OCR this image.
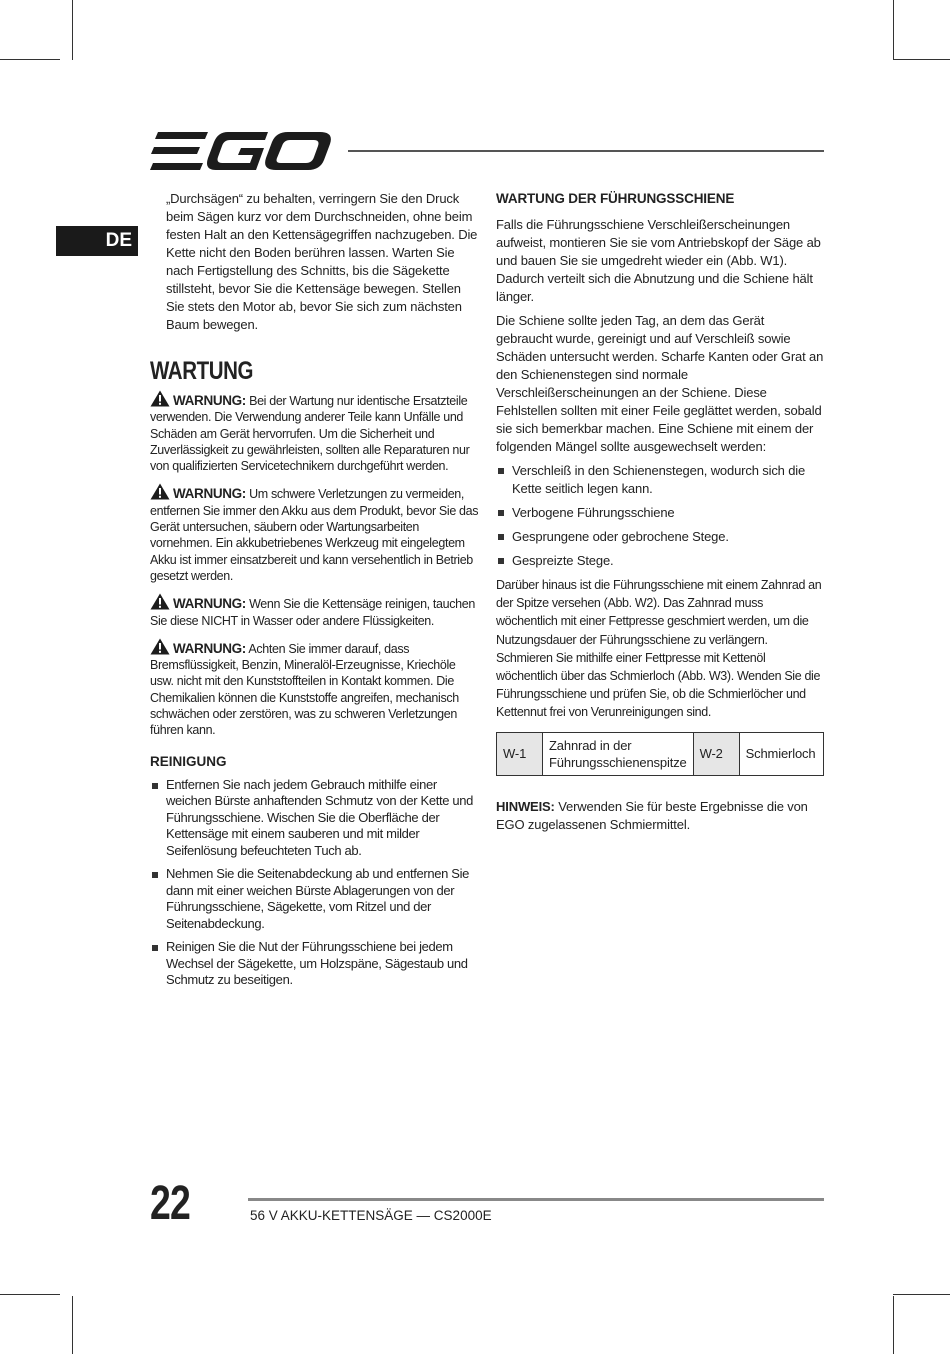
DE

„Durchsägen“ zu behalten, verringern Sie den Druck beim Sägen kurz vor dem Durchschneiden, ohne beim festen Halt an den Kettensägegriffen nachzugeben. Die Kette nicht den Boden berühren lassen. Warten Sie nach Fertigstellung des Schnitts, bis die Sägekette stillsteht, bevor Sie die Kettensäge bewegen. Stellen Sie stets den Motor ab, bevor Sie sich zum nächsten Baum bewegen.

WARTUNG

WARNUNG: Bei der Wartung nur identische Ersatzteile verwenden. Die Verwendung anderer Teile kann Unfälle und Schäden am Gerät hervorrufen. Um die Sicherheit und Zuverlässigkeit zu gewährleisten, sollten alle Reparaturen nur von qualifizierten Servicetechnikern durchgeführt werden.

WARNUNG: Um schwere Verletzungen zu vermeiden, entfernen Sie immer den Akku aus dem Produkt, bevor Sie das Gerät untersuchen, säubern oder Wartungsarbeiten vornehmen. Ein akkubetriebenes Werkzeug mit eingelegtem Akku ist immer einsatzbereit und kann versehentlich in Betrieb gesetzt werden.

WARNUNG: Wenn Sie die Kettensäge reinigen, tauchen Sie diese NICHT in Wasser oder andere Flüssigkeiten.

WARNUNG: Achten Sie immer darauf, dass Bremsflüssigkeit, Benzin, Mineralöl-Erzeugnisse, Kriechöle usw. nicht mit den Kunststoffteilen in Kontakt kommen. Die Chemikalien können die Kunststoffe angreifen, mechanisch schwächen oder zerstören, was zu schweren Verletzungen führen kann.

REINIGUNG
Entfernen Sie nach jedem Gebrauch mithilfe einer weichen Bürste anhaftenden Schmutz von der Kette und Führungsschiene. Wischen Sie die Oberfläche der Kettensäge mit einem sauberen und mit milder Seifenlösung befeuchteten Tuch ab.
Nehmen Sie die Seitenabdeckung ab und entfernen Sie dann mit einer weichen Bürste Ablagerungen von der Führungsschiene, Sägekette, vom Ritzel und der Seitenabdeckung.
Reinigen Sie die Nut der Führungsschiene bei jedem Wechsel der Sägekette, um Holzspäne, Sägestaub und Schmutz zu beseitigen.
WARTUNG DER FÜHRUNGSSCHIENE

Falls die Führungsschiene Verschleißerscheinungen aufweist, montieren Sie sie vom Antriebskopf der Säge ab und bauen Sie sie umgedreht wieder ein (Abb. W1). Dadurch verteilt sich die Abnutzung und die Schiene hält länger.

Die Schiene sollte jeden Tag, an dem das Gerät gebraucht wurde, gereinigt und auf Verschleiß sowie Schäden untersucht werden. Scharfe Kanten oder Grat an den Schienenstegen sind normale Verschleißerscheinungen an der Schiene. Diese Fehlstellen sollten mit einer Feile geglättet werden, sobald sie sich bemerkbar machen. Eine Schiene mit einem der folgenden Mängel sollte ausgewechselt werden:

Verschleiß in den Schienenstegen, wodurch sich die Kette seitlich legen kann.
Verbogene Führungsschiene
Gesprungene oder gebrochene Stege.
Gespreizte Stege.

Darüber hinaus ist die Führungsschiene mit einem Zahnrad an der Spitze versehen (Abb. W2). Das Zahnrad muss wöchentlich mit einer Fettpresse geschmiert werden, um die Nutzungsdauer der Führungsschiene zu verlängern. Schmieren Sie mithilfe einer Fettpresse mit Kettenöl wöchentlich über das Schmierloch (Abb. W3). Wenden Sie die Führungsschiene und prüfen Sie, ob die Schmierlöcher und Kettennut frei von Verunreinigungen sind.

W-1	Zahnrad in der Führungsschienenspitze	W-2	Schmierloch

HINWEIS: Verwenden Sie für beste Ergebnisse die von EGO zugelassenen Schmiermittel.

22	56 V AKKU-KETTENSÄGE — CS2000E
